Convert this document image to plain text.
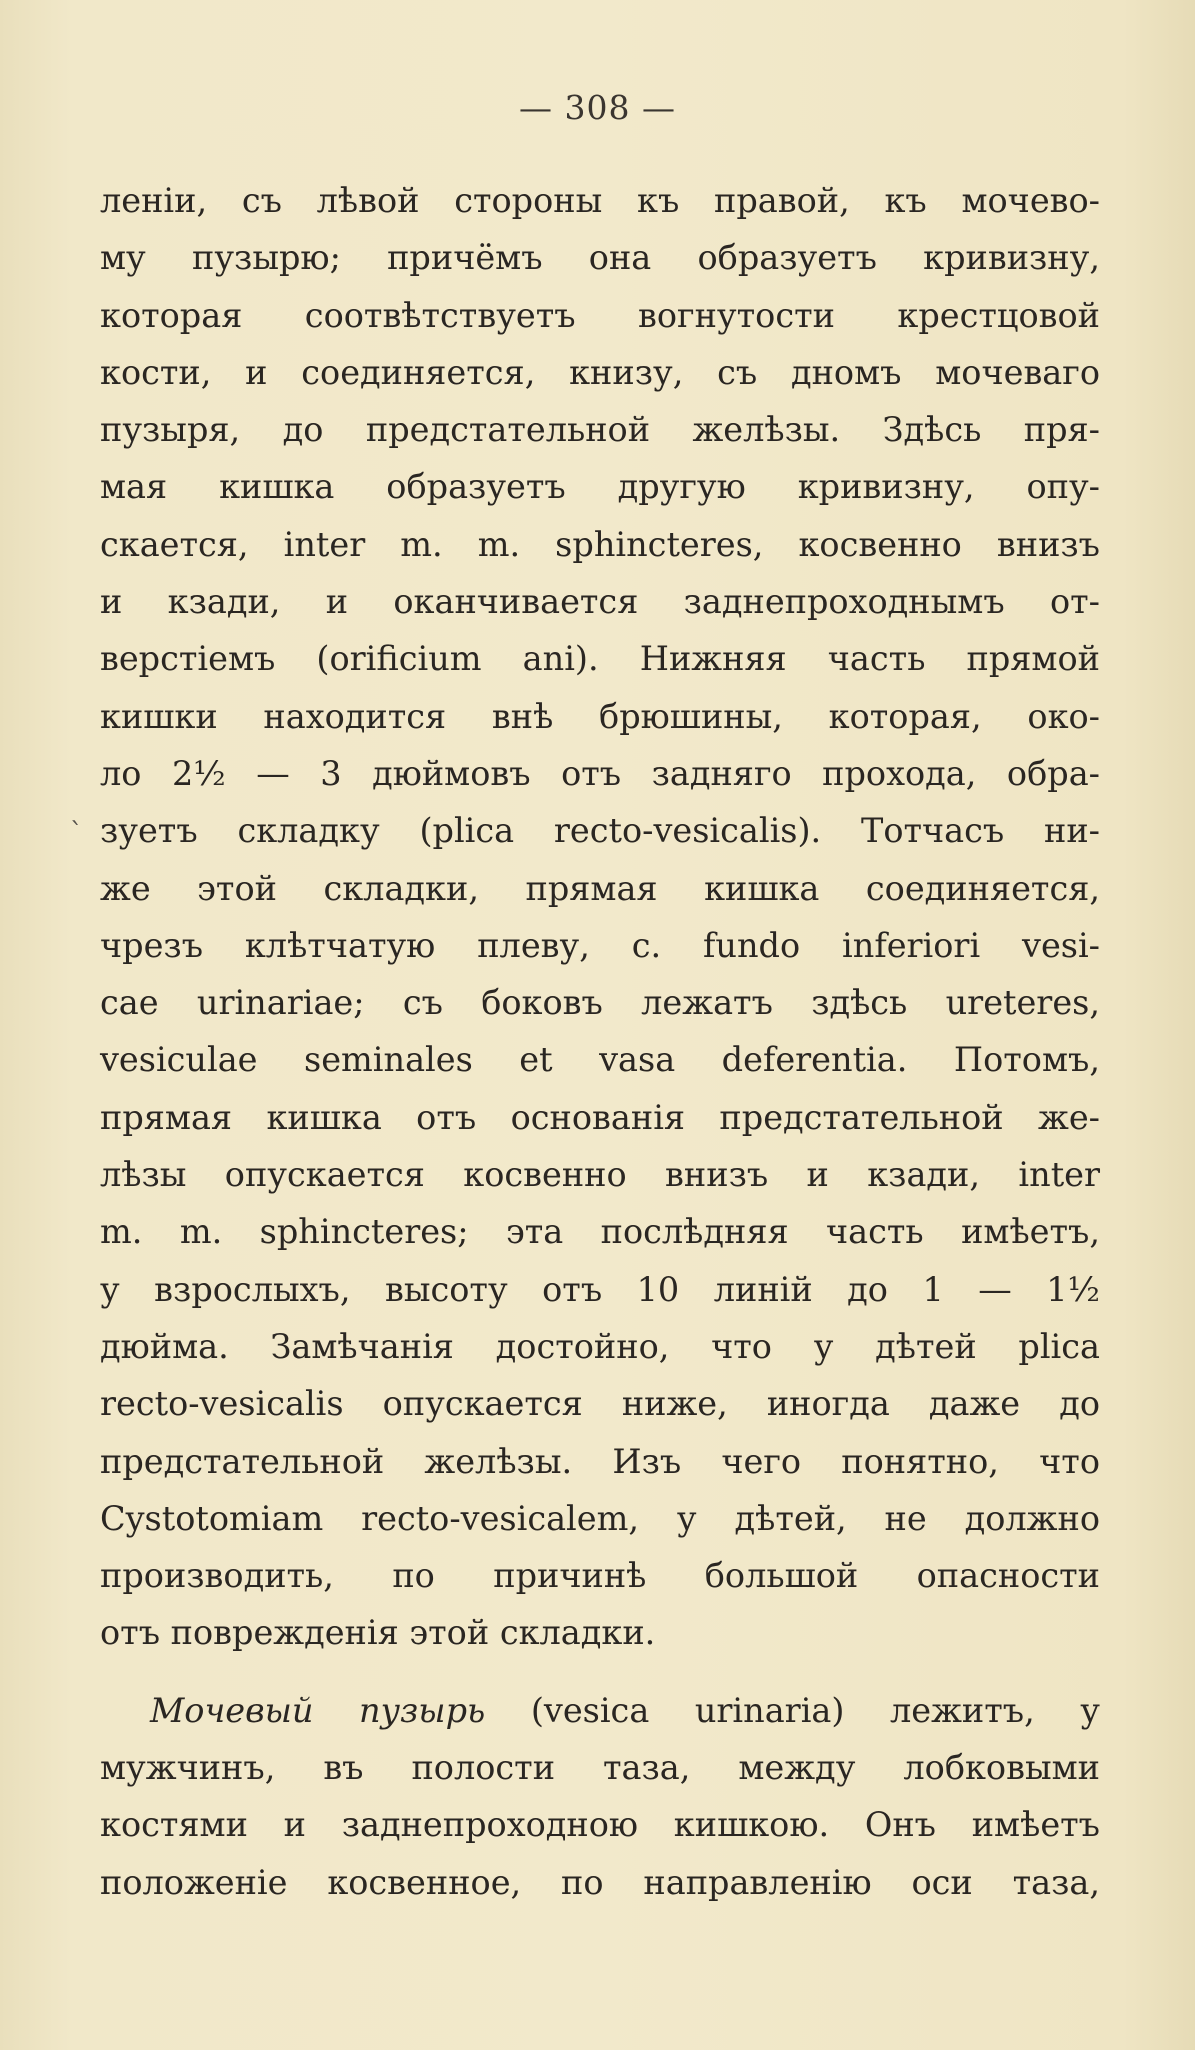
— 308 —
`
леніи, съ лѣвой стороны къ правой, къ мочево-
му пузырю; причёмъ она образуетъ кривизну,
которая соотвѣтствуетъ вогнутости крестцовой
кости, и соединяется, книзу, съ дномъ мочеваго
пузыря, до предстательной желѣзы. Здѣсь пря-
мая кишка образуетъ другую кривизну, опу-
скается, inter m. m. sphincteres, косвенно внизъ
и кзади, и оканчивается заднепроходнымъ от-
верстіемъ (orificium ani). Нижняя часть прямой
кишки находится внѣ брюшины, которая, око-
ло 2½ — 3 дюймовъ отъ задняго прохода, обра-
зуетъ складку (plica recto-vesicalis). Тотчасъ ни-
же этой складки, прямая кишка соединяется,
чрезъ клѣтчатую плеву, с. fundo inferiori vesi-
cae urinariae; съ боковъ лежатъ здѣсь ureteres,
vesiculae seminales et vasa deferentia. Потомъ,
прямая кишка отъ основанія предстательной же-
лѣзы опускается косвенно внизъ и кзади, inter
m. m. sphincteres; эта послѣдняя часть имѣетъ,
у взрослыхъ, высоту отъ 10 линій до 1 — 1½
дюйма. Замѣчанія достойно, что у дѣтей plica
recto-vesicalis опускается ниже, иногда даже до
предстательной желѣзы. Изъ чего понятно, что
Cystotomiam recto-vesicalem, у дѣтей, не должно
производить, по причинѣ большой опасности
отъ поврежденія этой складки.
Мочевый пузырь (vesica urinaria) лежитъ, у
мужчинъ, въ полости таза, между лобковыми
костями и заднепроходною кишкою. Онъ имѣетъ
положеніе косвенное, по направленію оси таза,
